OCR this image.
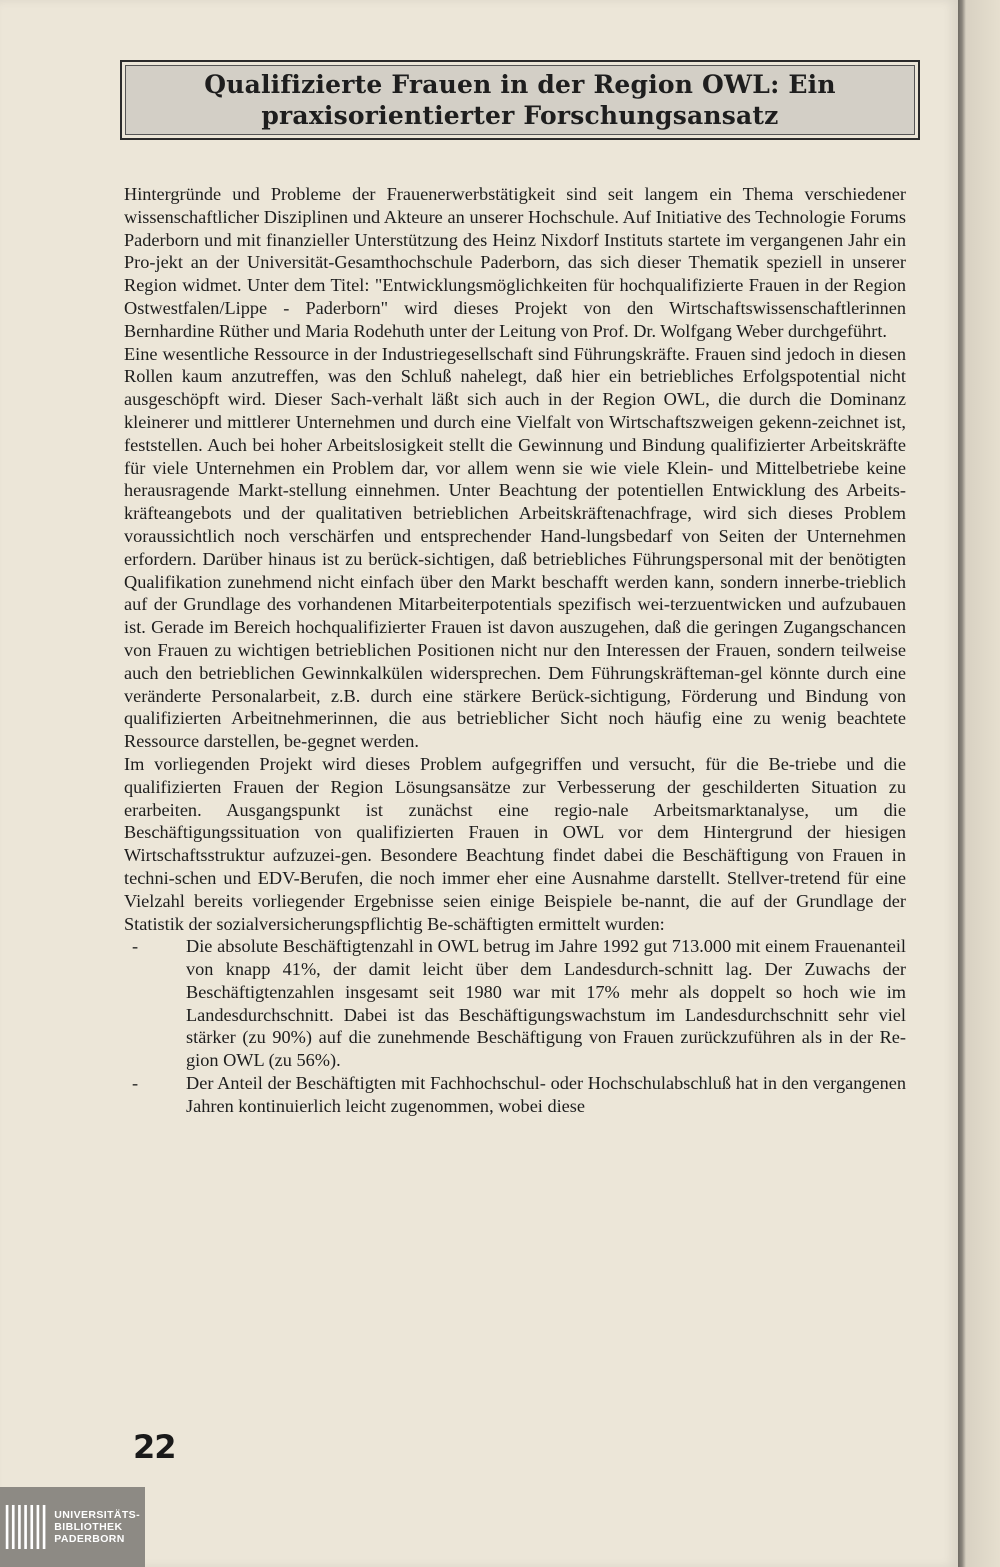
Qualifizierte Frauen in der Region OWL: Ein
praxisorientierter Forschungsansatz

Hintergründe und Probleme der Frauenerwerbstätigkeit sind seit langem ein Thema verschiedener wissenschaftlicher Disziplinen und Akteure an unserer Hochschule. Auf Initiative des Technologie Forums Paderborn und mit finanzieller Unterstützung des Heinz Nixdorf Instituts startete im vergangenen Jahr ein Pro-jekt an der Universität-Gesamthochschule Paderborn, das sich dieser Thematik speziell in unserer Region widmet. Unter dem Titel: "Entwicklungsmöglichkeiten für hochqualifizierte Frauen in der Region Ostwestfalen/Lippe - Paderborn" wird dieses Projekt von den Wirtschaftswissenschaftlerinnen Bernhardine Rüther und Maria Rodehuth unter der Leitung von Prof. Dr. Wolfgang Weber durchgeführt.

Eine wesentliche Ressource in der Industriegesellschaft sind Führungskräfte. Frauen sind jedoch in diesen Rollen kaum anzutreffen, was den Schluß nahelegt, daß hier ein betriebliches Erfolgspotential nicht ausgeschöpft wird. Dieser Sach-verhalt läßt sich auch in der Region OWL, die durch die Dominanz kleinerer und mittlerer Unternehmen und durch eine Vielfalt von Wirtschaftszweigen gekenn-zeichnet ist, feststellen. Auch bei hoher Arbeitslosigkeit stellt die Gewinnung und Bindung qualifizierter Arbeitskräfte für viele Unternehmen ein Problem dar, vor allem wenn sie wie viele Klein- und Mittelbetriebe keine herausragende Markt-stellung einnehmen. Unter Beachtung der potentiellen Entwicklung des Arbeits-kräfteangebots und der qualitativen betrieblichen Arbeitskräftenachfrage, wird sich dieses Problem voraussichtlich noch verschärfen und entsprechender Hand-lungsbedarf von Seiten der Unternehmen erfordern. Darüber hinaus ist zu berück-sichtigen, daß betriebliches Führungspersonal mit der benötigten Qualifikation zunehmend nicht einfach über den Markt beschafft werden kann, sondern innerbe-trieblich auf der Grundlage des vorhandenen Mitarbeiterpotentials spezifisch wei-terzuentwicken und aufzubauen ist. Gerade im Bereich hochqualifizierter Frauen ist davon auszugehen, daß die geringen Zugangschancen von Frauen zu wichtigen betrieblichen Positionen nicht nur den Interessen der Frauen, sondern teilweise auch den betrieblichen Gewinnkalkülen widersprechen. Dem Führungskräfteman-gel könnte durch eine veränderte Personalarbeit, z.B. durch eine stärkere Berück-sichtigung, Förderung und Bindung von qualifizierten Arbeitnehmerinnen, die aus betrieblicher Sicht noch häufig eine zu wenig beachtete Ressource darstellen, be-gegnet werden.

Im vorliegenden Projekt wird dieses Problem aufgegriffen und versucht, für die Be-triebe und die qualifizierten Frauen der Region Lösungsansätze zur Verbesserung der geschilderten Situation zu erarbeiten. Ausgangspunkt ist zunächst eine regio-nale Arbeitsmarktanalyse, um die Beschäftigungssituation von qualifizierten Frauen in OWL vor dem Hintergrund der hiesigen Wirtschaftsstruktur aufzuzei-gen. Besondere Beachtung findet dabei die Beschäftigung von Frauen in techni-schen und EDV-Berufen, die noch immer eher eine Ausnahme darstellt. Stellver-tretend für eine Vielzahl bereits vorliegender Ergebnisse seien einige Beispiele be-nannt, die auf der Grundlage der Statistik der sozialversicherungspflichtig Be-schäftigten ermittelt wurden:

-	Die absolute Beschäftigtenzahl in OWL betrug im Jahre 1992 gut 713.000 mit einem Frauenanteil von knapp 41%, der damit leicht über dem Landesdurch-schnitt lag. Der Zuwachs der Beschäftigtenzahlen insgesamt seit 1980 war mit 17% mehr als doppelt so hoch wie im Landesdurchschnitt. Dabei ist das Beschäftigungswachstum im Landesdurchschnitt sehr viel stärker (zu 90%) auf die zunehmende Beschäftigung von Frauen zurückzuführen als in der Re-gion OWL (zu 56%).
-	Der Anteil der Beschäftigten mit Fachhochschul- oder Hochschulabschluß hat in den vergangenen Jahren kontinuierlich leicht zugenommen, wobei diese
22
UNIVERSITÄTS-
BIBLIOTHEK
PADERBORN
